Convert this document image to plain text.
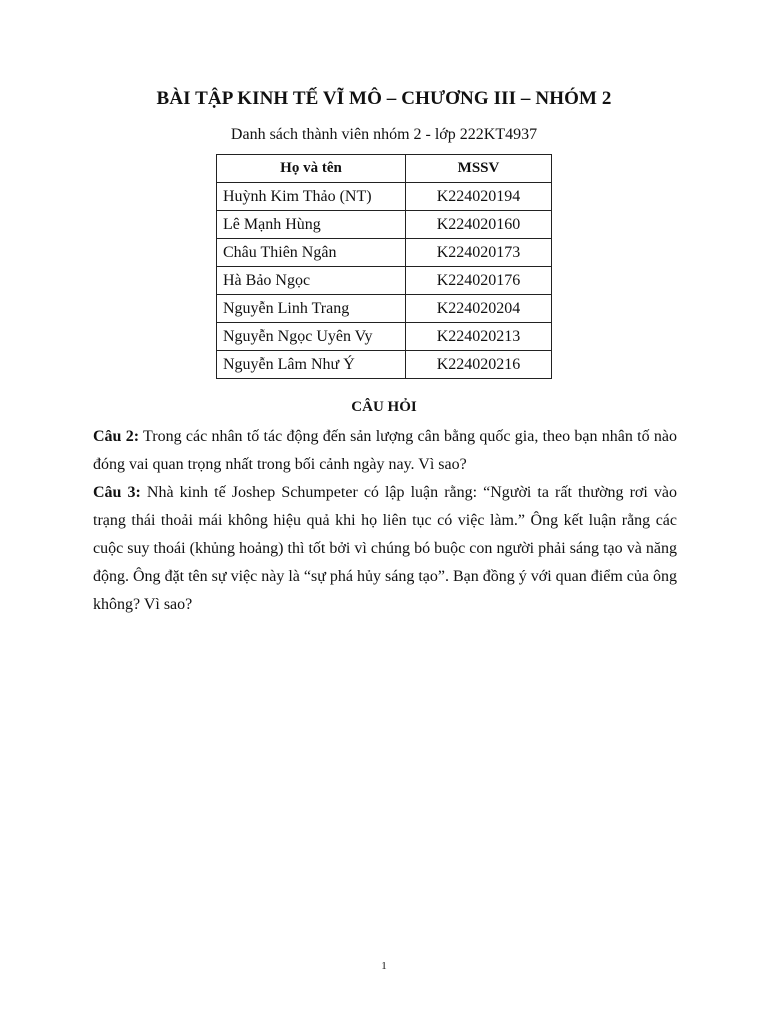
BÀI TẬP KINH TẾ VĨ MÔ – CHƯƠNG III – NHÓM 2
Danh sách thành viên nhóm 2 - lớp 222KT4937
Họ và tên	MSSV
Huỳnh Kim Thảo (NT)	K224020194
Lê Mạnh Hùng	K224020160
Châu Thiên Ngân	K224020173
Hà Bảo Ngọc	K224020176
Nguyễn Linh Trang	K224020204
Nguyễn Ngọc Uyên Vy	K224020213
Nguyễn Lâm Như Ý	K224020216
CÂU HỎI
Câu 2: Trong các nhân tố tác động đến sản lượng cân bằng quốc gia, theo bạn nhân tố nào đóng vai quan trọng nhất trong bối cảnh ngày nay. Vì sao?
Câu 3: Nhà kinh tế Joshep Schumpeter có lập luận rằng: “Người ta rất thường rơi vào trạng thái thoải mái không hiệu quả khi họ liên tục có việc làm.” Ông kết luận rằng các cuộc suy thoái (khủng hoảng) thì tốt bởi vì chúng bó buộc con người phải sáng tạo và năng động. Ông đặt tên sự việc này là “sự phá hủy sáng tạo”. Bạn đồng ý với quan điểm của ông không? Vì sao?
1
